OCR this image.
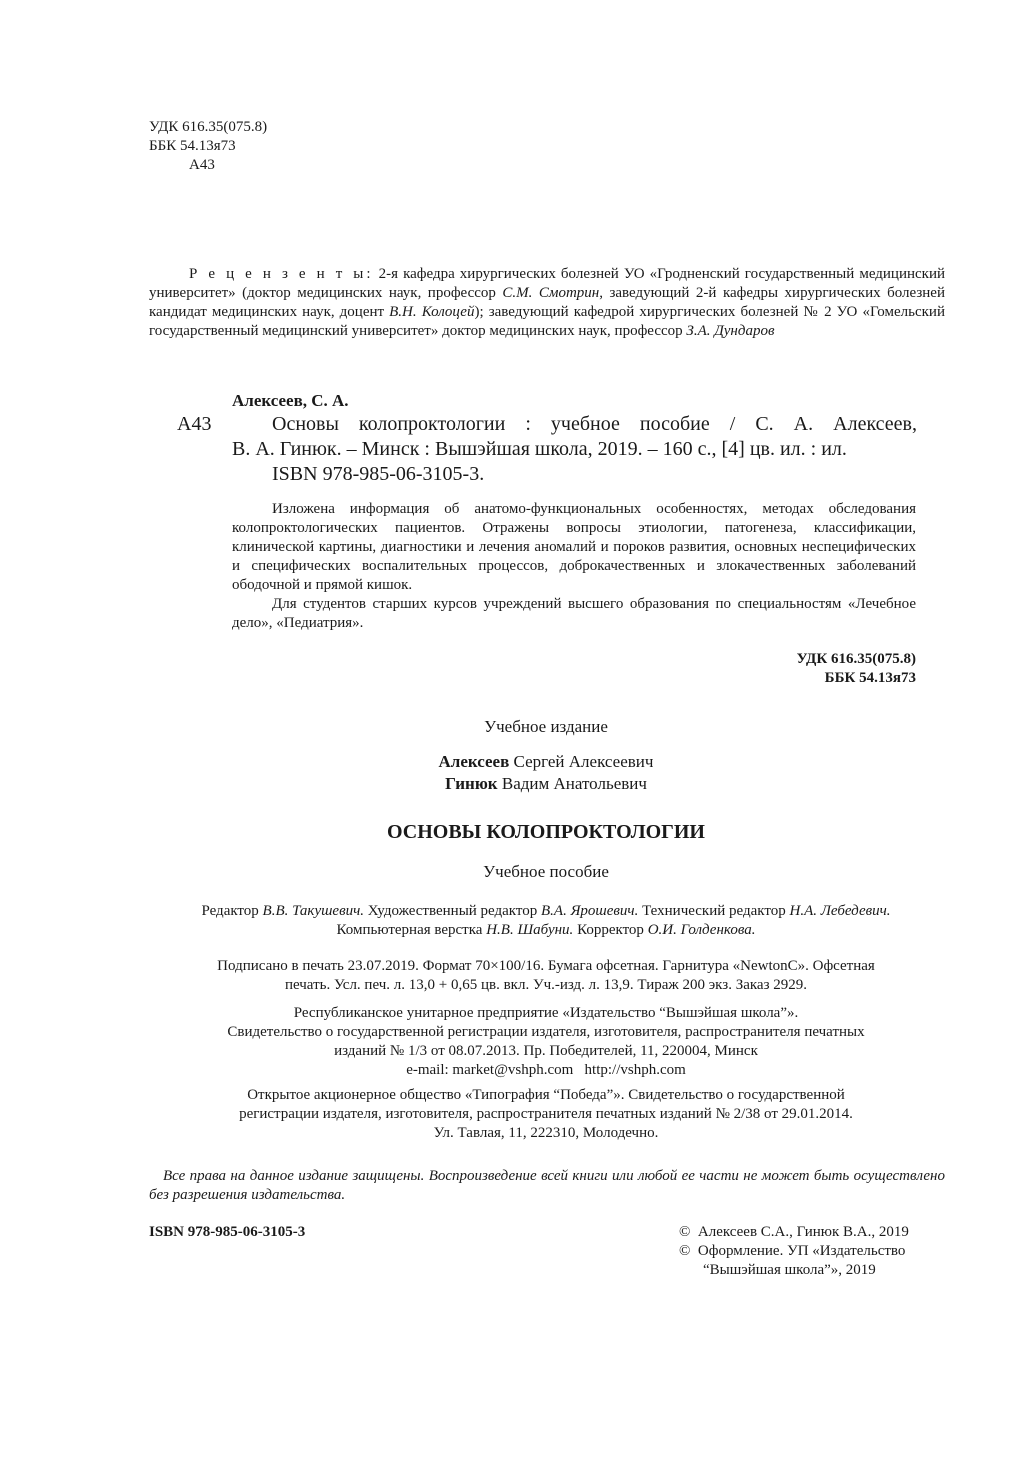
УДК 616.35(075.8)
ББК 54.13я73
А43
Р е ц е н з е н т ы: 2-я кафедра хирургических болезней УО «Гродненский государственный медицинский университет» (доктор медицинских наук, профессор С.М. Смотрин, заведующий 2-й кафедры хирургических болезней кандидат медицинских наук, доцент В.Н. Колоцей); заведующий кафедрой хирургических болезней № 2 УО «Гомельский государственный медицинский университет» доктор медицинских наук, профессор З.А. Дундаров
Алексеев, С. А.
А43	Основы колопроктологии : учебное пособие / С. А. Алексеев,
В. А. Гинюк. – Минск : Вышэйшая школа, 2019. – 160 с., [4] цв. ил. : ил.
ISBN 978-985-06-3105-3.
Изложена информация об анатомо-функциональных особенностях, методах обследования колопроктологических пациентов. Отражены вопросы этиологии, патогенеза, классификации, клинической картины, диагностики и лечения аномалий и пороков развития, основных неспецифических и специфических воспалительных процессов, доброкачественных и злокачественных заболеваний ободочной и прямой кишок.
Для студентов старших курсов учреждений высшего образования по специальностям «Лечебное дело», «Педиатрия».
УДК 616.35(075.8)
ББК 54.13я73
Учебное издание
Алексеев Сергей Алексеевич
Гинюк Вадим Анатольевич
ОСНОВЫ КОЛОПРОКТОЛОГИИ
Учебное пособие
Редактор В.В. Такушевич. Художественный редактор В.А. Ярошевич. Технический редактор Н.А. Лебедевич.
Компьютерная верстка Н.В. Шабуни. Корректор О.И. Голденкова.
Подписано в печать 23.07.2019. Формат 70×100/16. Бумага офсетная. Гарнитура «NewtonC». Офсетная
печать. Усл. печ. л. 13,0 + 0,65 цв. вкл. Уч.-изд. л. 13,9. Тираж 200 экз. Заказ 2929.
Республиканское унитарное предприятие «Издательство “Вышэйшая школа”».
Свидетельство о государственной регистрации издателя, изготовителя, распространителя печатных
изданий № 1/3 от 08.07.2013. Пр. Победителей, 11, 220004, Минск
e-mail: market@vshph.com   http://vshph.com
Открытое акционерное общество «Типография “Победа”». Свидетельство о государственной
регистрации издателя, изготовителя, распространителя печатных изданий № 2/38 от 29.01.2014.
Ул. Тавлая, 11, 222310, Молодечно.
Все права на данное издание защищены. Воспроизведение всей книги или любой ее части не может быть осуществлено без разрешения издательства.
ISBN 978-985-06-3105-3	©  Алексеев С.А., Гинюк В.А., 2019
©  Оформление. УП «Издательство
“Вышэйшая школа”», 2019
